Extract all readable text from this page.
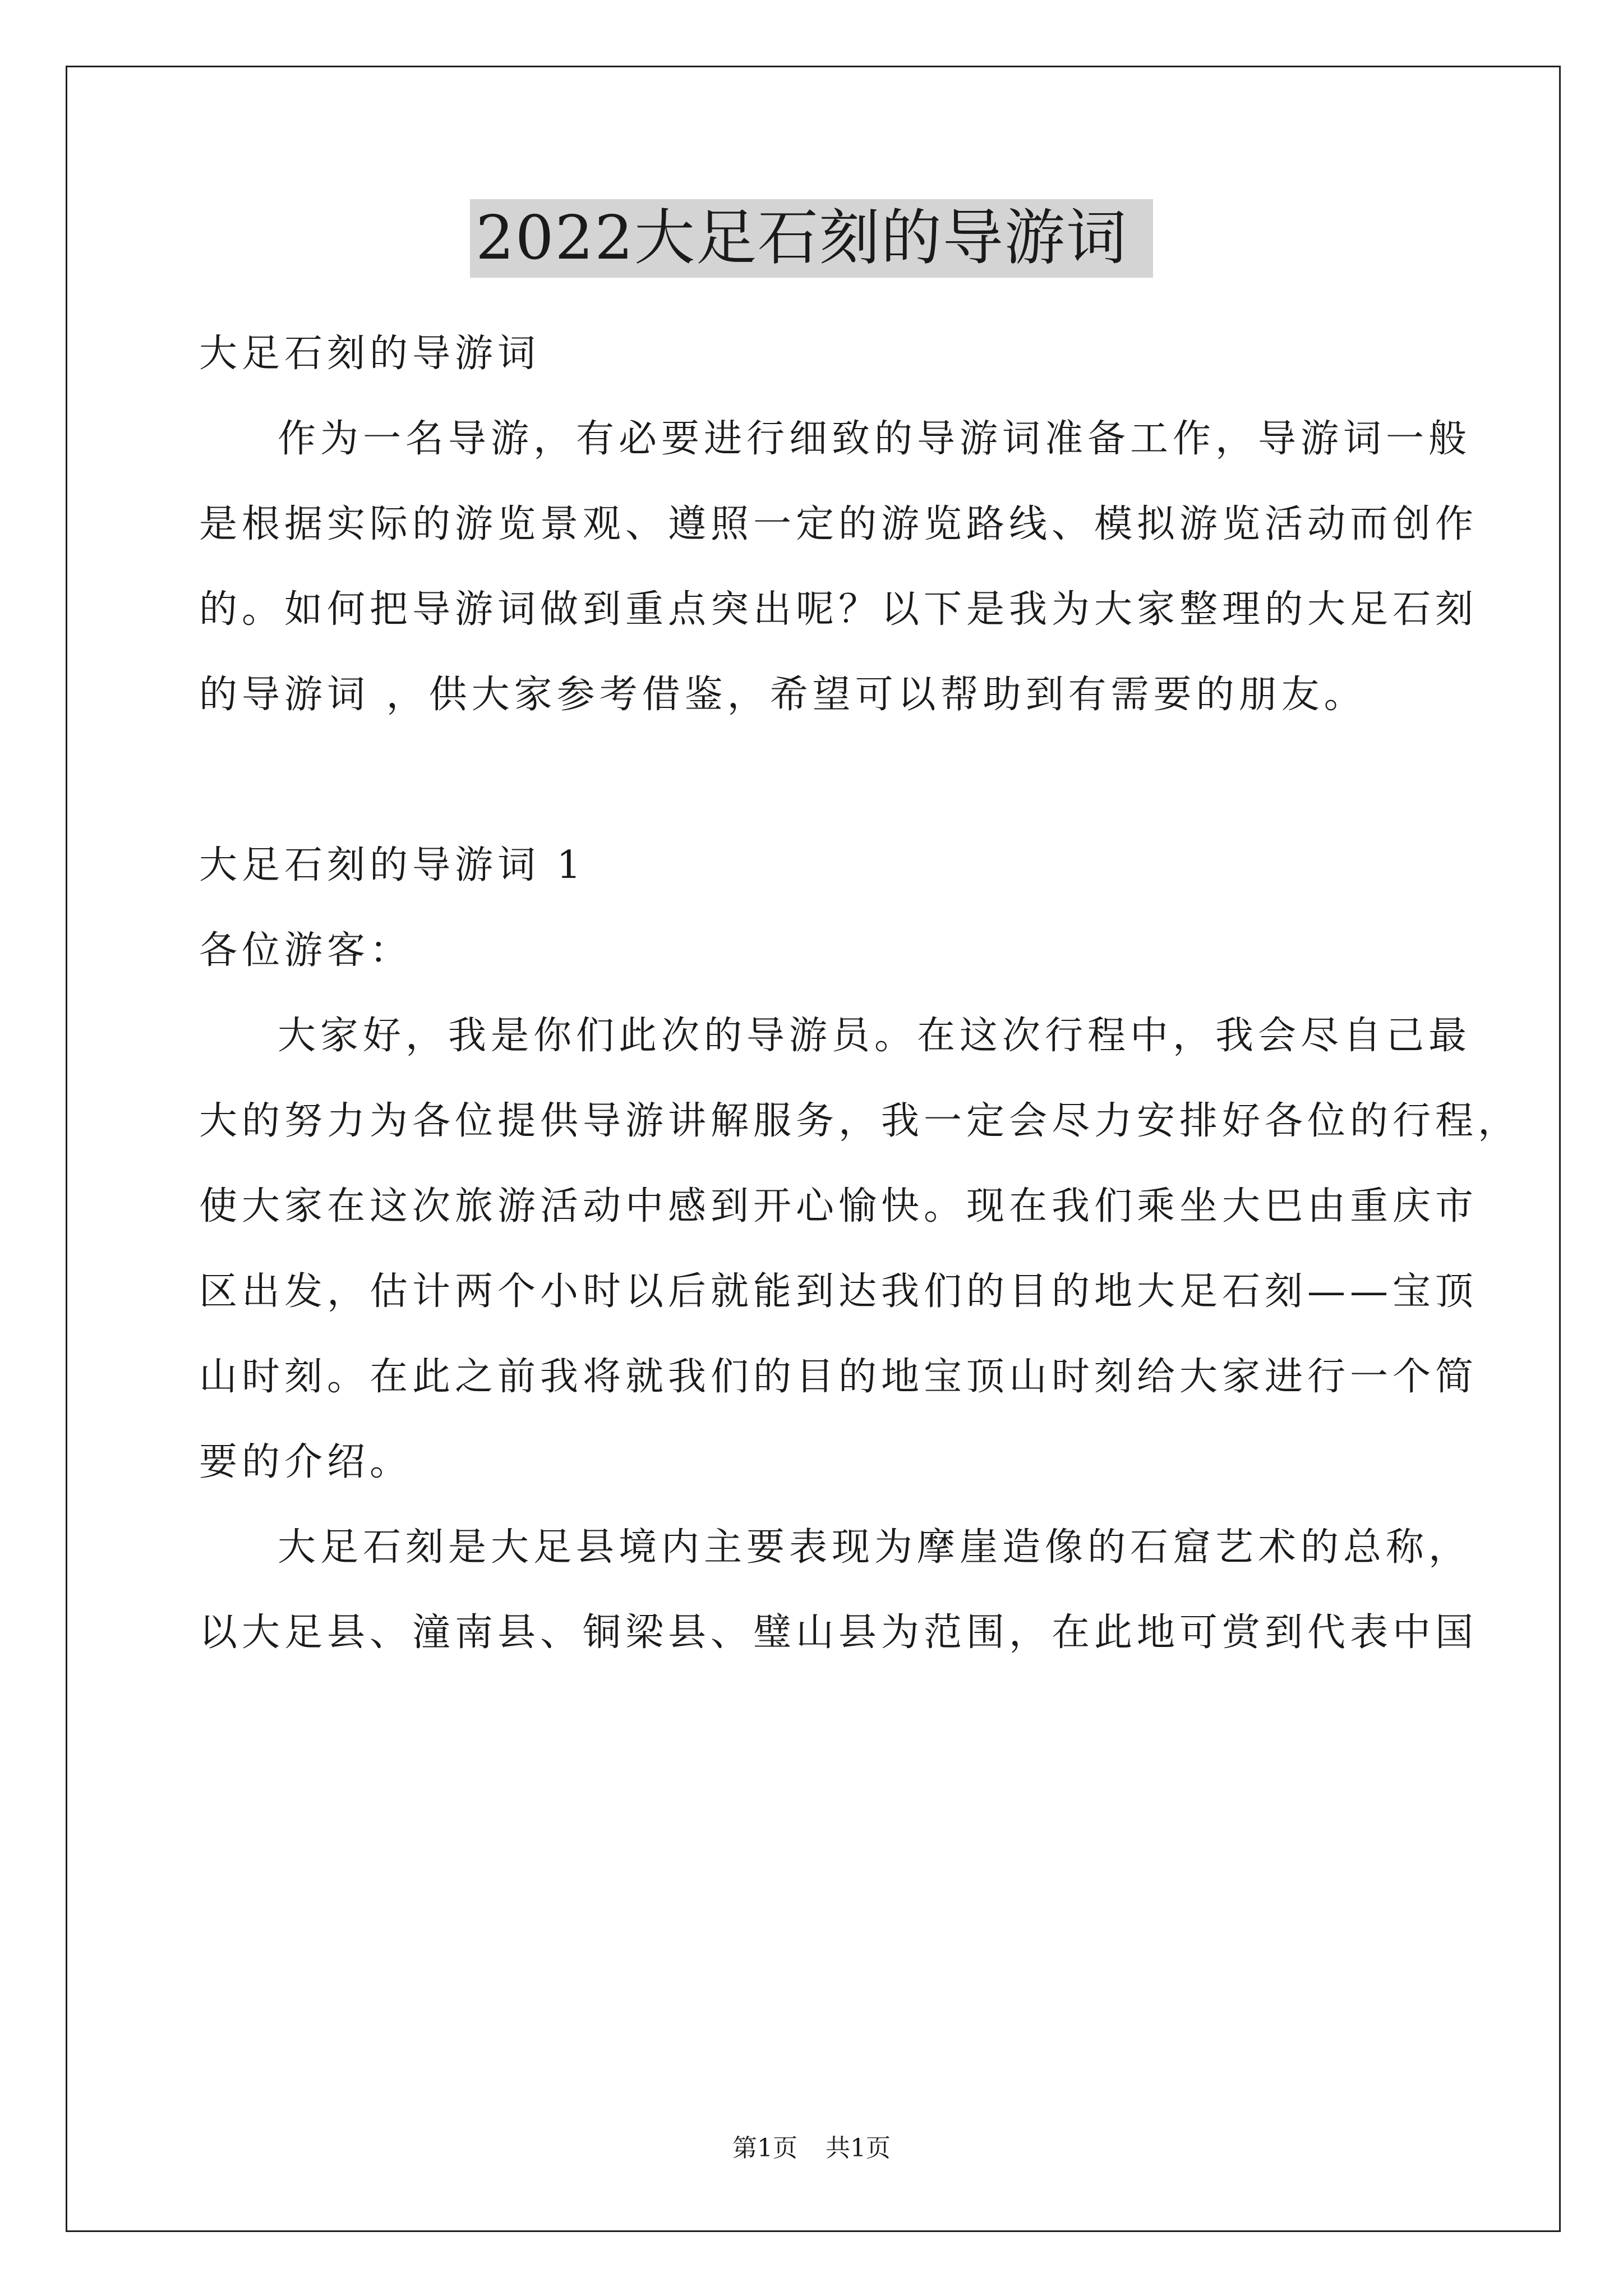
2022大足石刻的导游词
大足石刻的导游词
作为一名导游，有必要进行细致的导游词准备工作，导游词一般
是根据实际的游览景观、遵照一定的游览路线、模拟游览活动而创作
的。如何把导游词做到重点突出呢？以下是我为大家整理的大足石刻
的导游词 ，供大家参考借鉴，希望可以帮助到有需要的朋友。
大足石刻的导游词 1
各位游客：
大家好，我是你们此次的导游员。在这次行程中，我会尽自己最
大的努力为各位提供导游讲解服务，我一定会尽力安排好各位的行程，
使大家在这次旅游活动中感到开心愉快。现在我们乘坐大巴由重庆市
区出发，估计两个小时以后就能到达我们的目的地大足石刻——宝顶
山时刻。在此之前我将就我们的目的地宝顶山时刻给大家进行一个简
要的介绍。
大足石刻是大足县境内主要表现为摩崖造像的石窟艺术的总称，
以大足县、潼南县、铜梁县、璧山县为范围，在此地可赏到代表中国
第1页 共1页
